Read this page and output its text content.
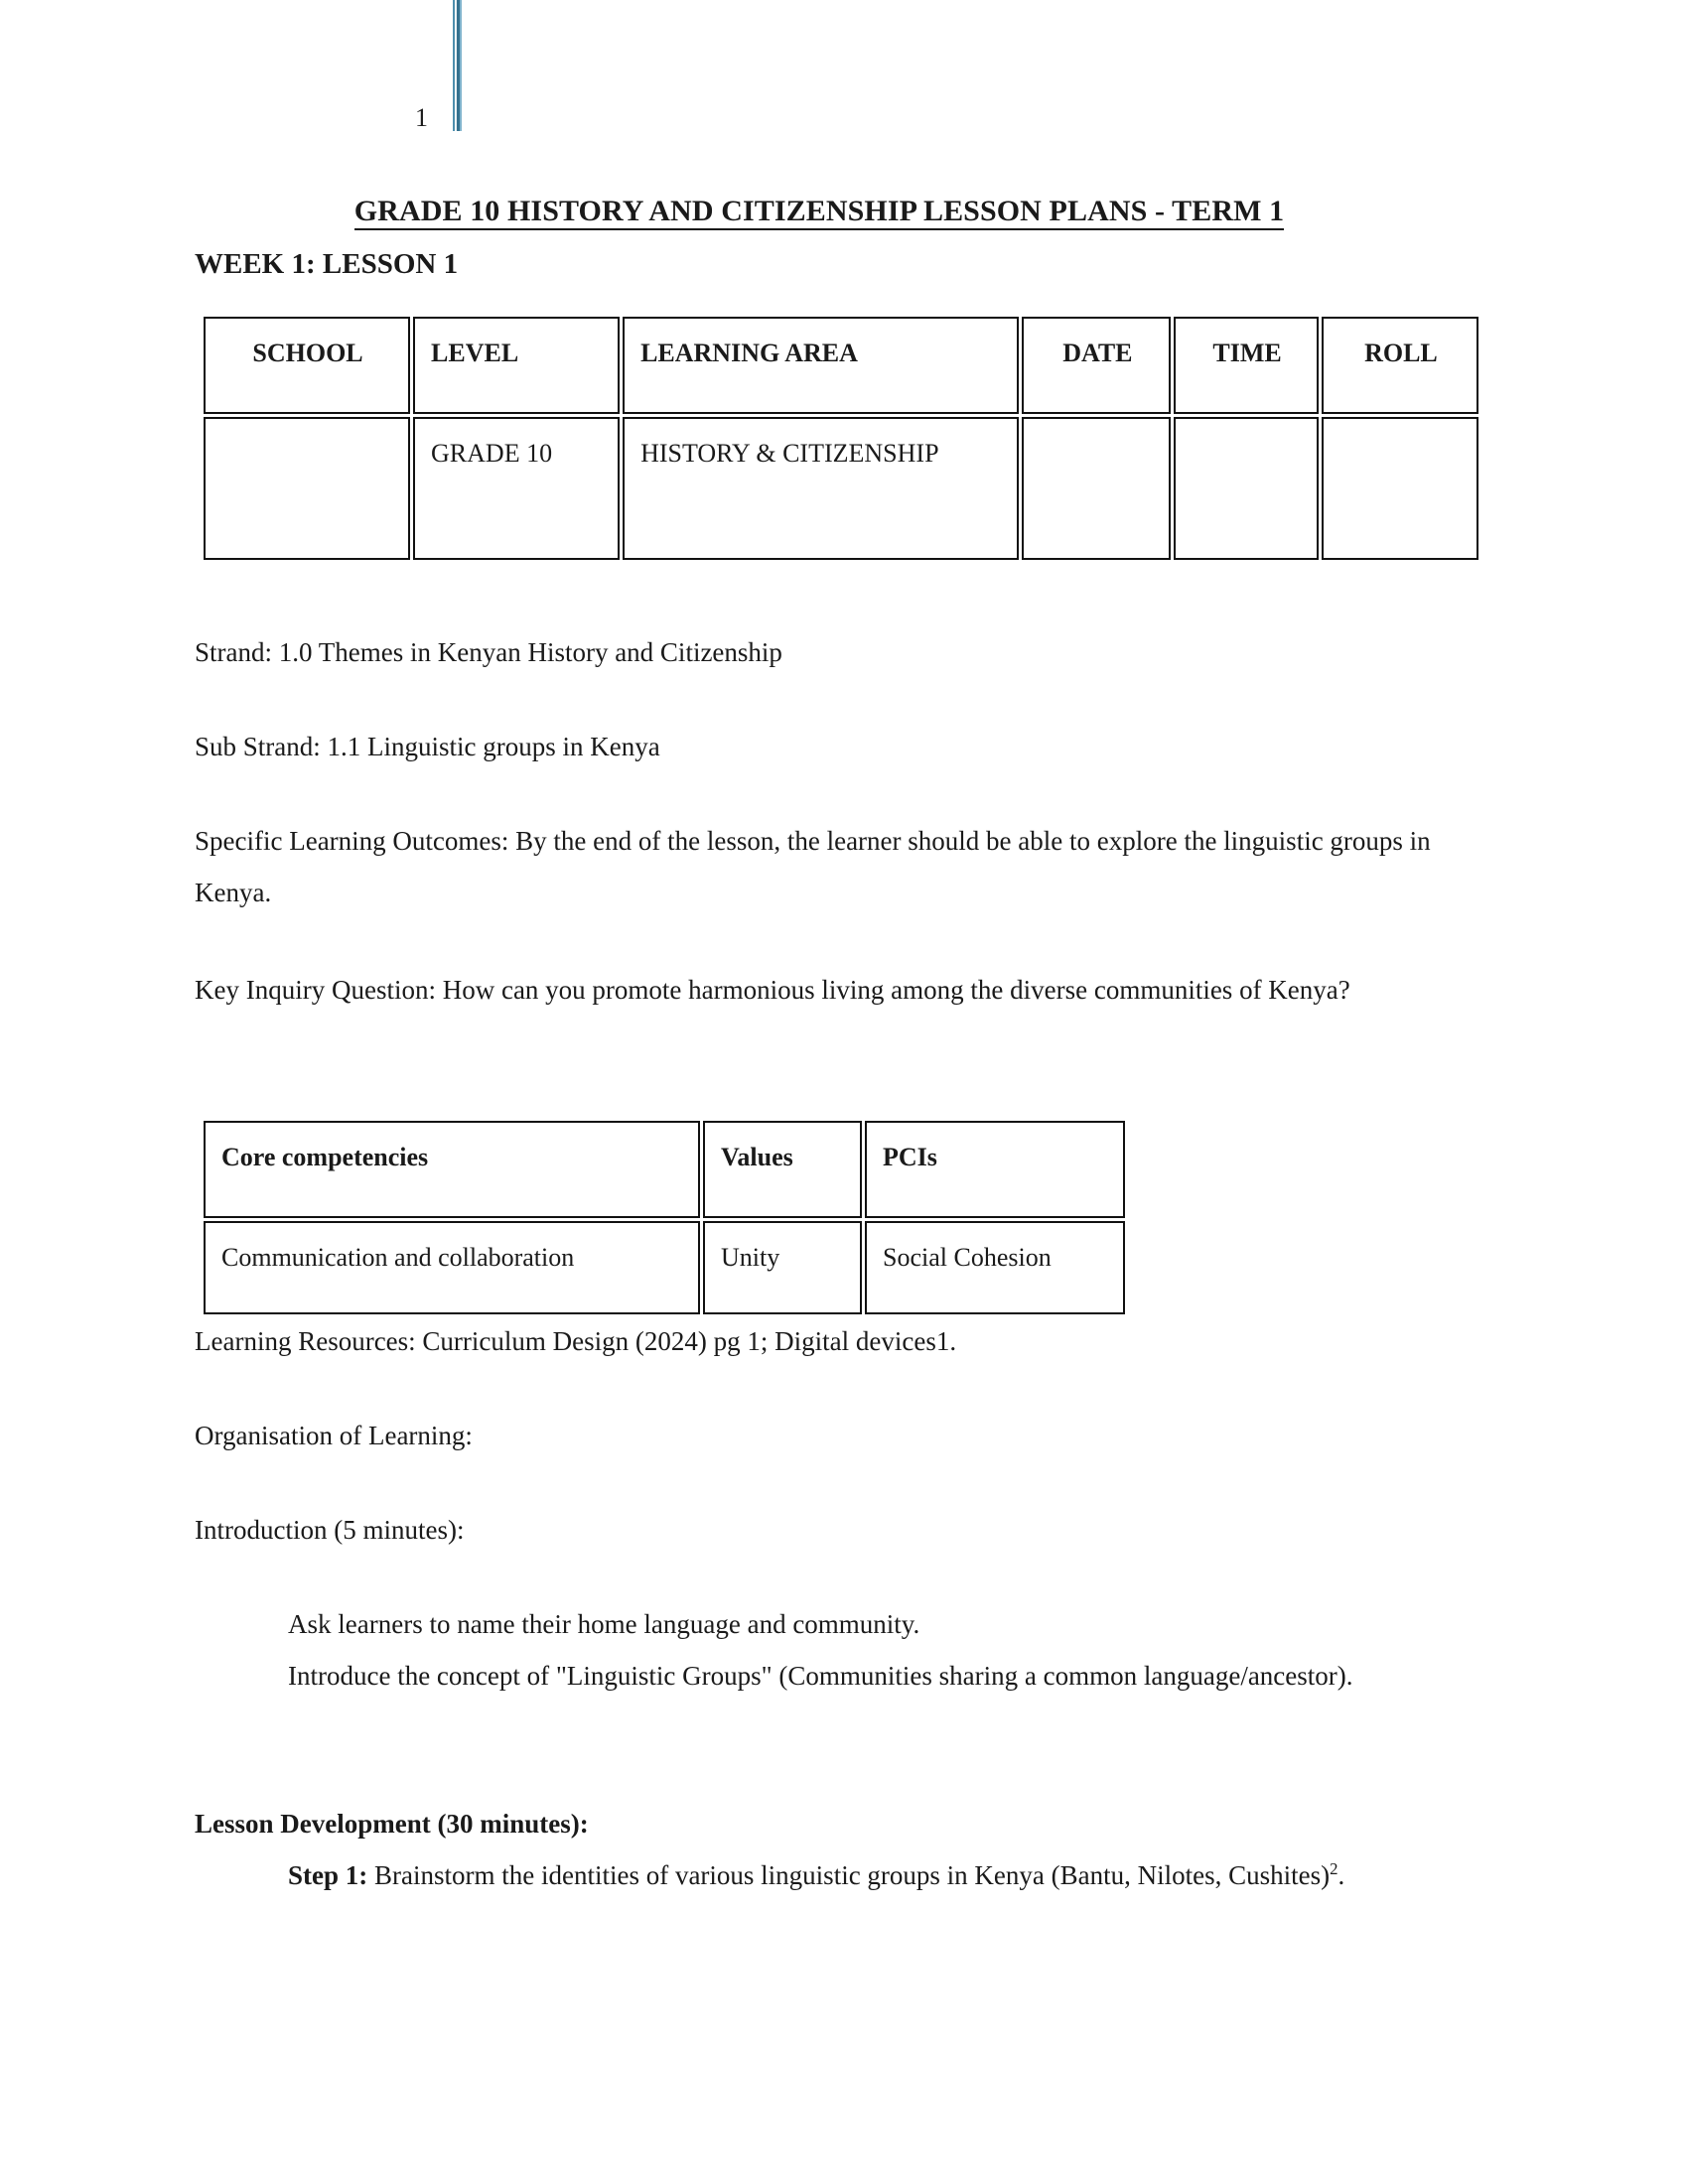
1
GRADE 10 HISTORY AND CITIZENSHIP LESSON PLANS - TERM 1
WEEK 1: LESSON 1
SCHOOL	LEVEL	LEARNING AREA	DATE	TIME	ROLL
	GRADE 10	HISTORY & CITIZENSHIP			
Strand: 1.0 Themes in Kenyan History and Citizenship
Sub Strand: 1.1 Linguistic groups in Kenya
Specific Learning Outcomes: By the end of the lesson, the learner should be able to explore the linguistic groups in Kenya.
Key Inquiry Question: How can you promote harmonious living among the diverse communities of Kenya?
Core competencies	Values	PCIs
Communication and collaboration	Unity	Social Cohesion
Learning Resources: Curriculum Design (2024) pg 1; Digital devices1.
Organisation of Learning:
Introduction (5 minutes):
Ask learners to name their home language and community.
Introduce the concept of "Linguistic Groups" (Communities sharing a common language/ancestor).
Lesson Development (30 minutes):
Step 1: Brainstorm the identities of various linguistic groups in Kenya (Bantu, Nilotes, Cushites)$^2$.
